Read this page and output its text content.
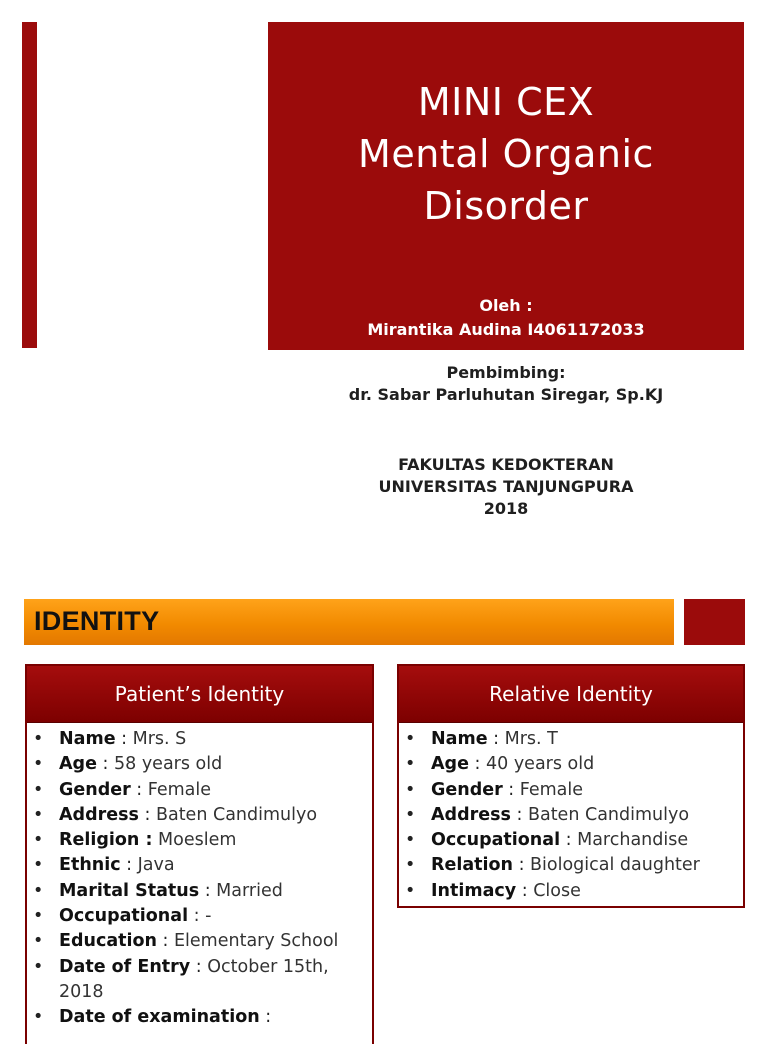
MINI CEX
Mental Organic
Disorder
Oleh :
Mirantika Audina I4061172033
Pembimbing:
dr. Sabar Parluhutan Siregar, Sp.KJ
FAKULTAS KEDOKTERAN
UNIVERSITAS TANJUNGPURA
2018
IDENTITY
Patient’s Identity
• Name : Mrs. S
• Age : 58 years old
• Gender : Female
• Address : Baten Candimulyo
• Religion : Moeslem
• Ethnic : Java
• Marital Status : Married
• Occupational : -
• Education : Elementary School
• Date of Entry : October 15th, 2018
• Date of examination :
Relative Identity
• Name : Mrs. T
• Age : 40 years old
• Gender : Female
• Address : Baten Candimulyo
• Occupational : Marchandise
• Relation : Biological daughter
• Intimacy : Close
